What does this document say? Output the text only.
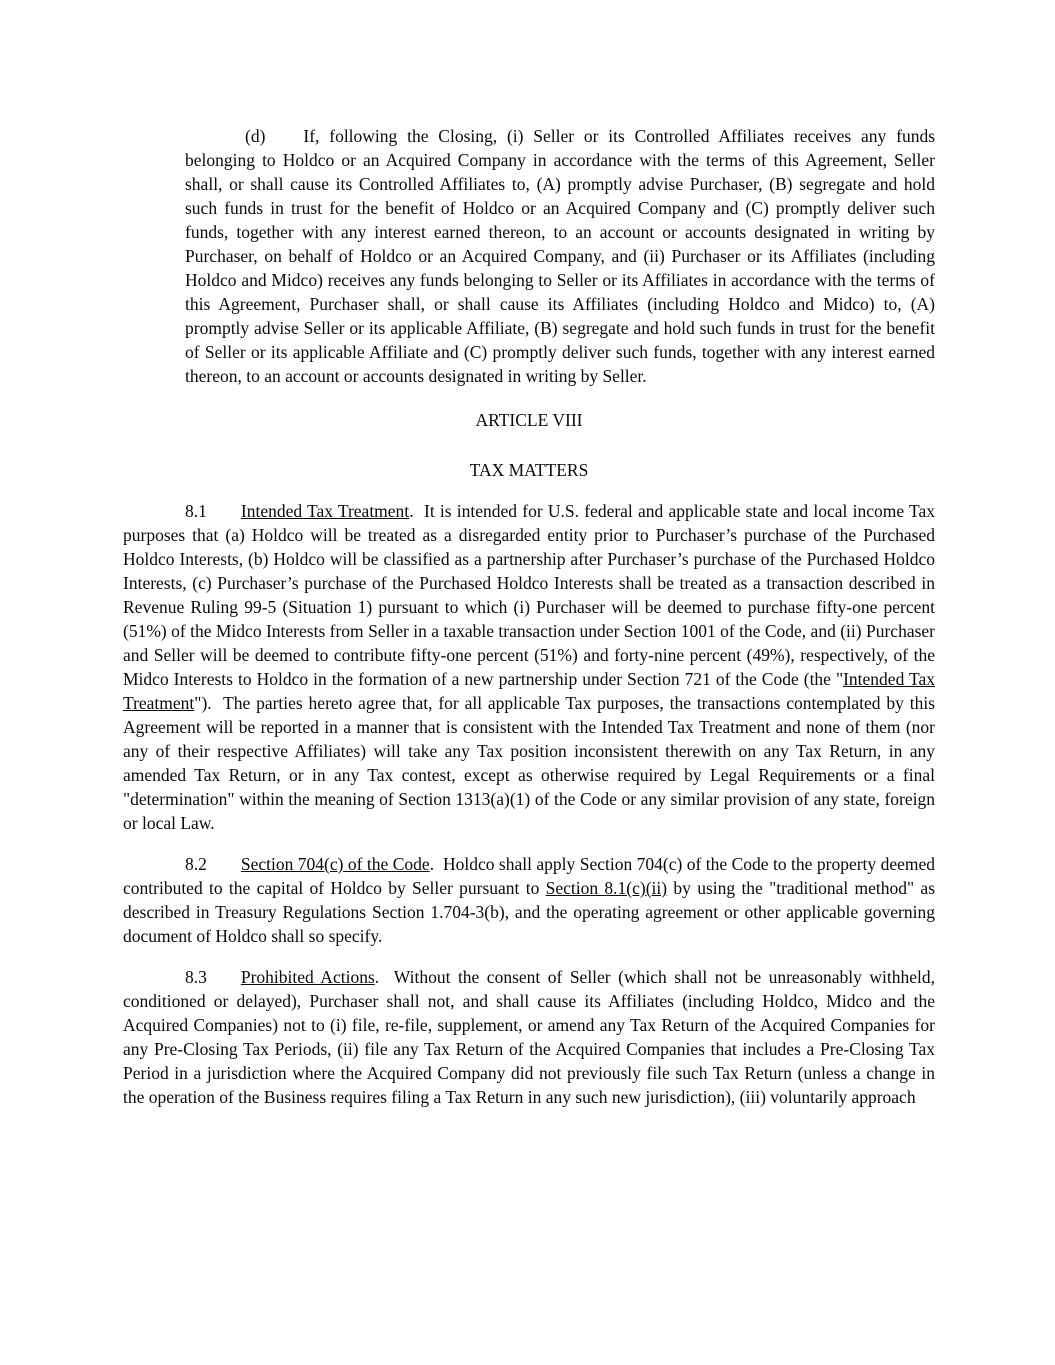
(d) If, following the Closing, (i) Seller or its Controlled Affiliates receives any funds belonging to Holdco or an Acquired Company in accordance with the terms of this Agreement, Seller shall, or shall cause its Controlled Affiliates to, (A) promptly advise Purchaser, (B) segregate and hold such funds in trust for the benefit of Holdco or an Acquired Company and (C) promptly deliver such funds, together with any interest earned thereon, to an account or accounts designated in writing by Purchaser, on behalf of Holdco or an Acquired Company, and (ii) Purchaser or its Affiliates (including Holdco and Midco) receives any funds belonging to Seller or its Affiliates in accordance with the terms of this Agreement, Purchaser shall, or shall cause its Affiliates (including Holdco and Midco) to, (A) promptly advise Seller or its applicable Affiliate, (B) segregate and hold such funds in trust for the benefit of Seller or its applicable Affiliate and (C) promptly deliver such funds, together with any interest earned thereon, to an account or accounts designated in writing by Seller.

ARTICLE VIII
TAX MATTERS

8.1 Intended Tax Treatment.  It is intended for U.S. federal and applicable state and local income Tax purposes that (a) Holdco will be treated as a disregarded entity prior to Purchaser’s purchase of the Purchased Holdco Interests, (b) Holdco will be classified as a partnership after Purchaser’s purchase of the Purchased Holdco Interests, (c) Purchaser’s purchase of the Purchased Holdco Interests shall be treated as a transaction described in Revenue Ruling 99-5 (Situation 1) pursuant to which (i) Purchaser will be deemed to purchase fifty-one percent (51%) of the Midco Interests from Seller in a taxable transaction under Section 1001 of the Code, and (ii) Purchaser and Seller will be deemed to contribute fifty-one percent (51%) and forty-nine percent (49%), respectively, of the Midco Interests to Holdco in the formation of a new partnership under Section 721 of the Code (the "Intended Tax Treatment").  The parties hereto agree that, for all applicable Tax purposes, the transactions contemplated by this Agreement will be reported in a manner that is consistent with the Intended Tax Treatment and none of them (nor any of their respective Affiliates) will take any Tax position inconsistent therewith on any Tax Return, in any amended Tax Return, or in any Tax contest, except as otherwise required by Legal Requirements or a final "determination" within the meaning of Section 1313(a)(1) of the Code or any similar provision of any state, foreign or local Law.

8.2 Section 704(c) of the Code.  Holdco shall apply Section 704(c) of the Code to the property deemed contributed to the capital of Holdco by Seller pursuant to Section 8.1(c)(ii) by using the "traditional method" as described in Treasury Regulations Section 1.704-3(b), and the operating agreement or other applicable governing document of Holdco shall so specify.

8.3 Prohibited Actions.  Without the consent of Seller (which shall not be unreasonably withheld, conditioned or delayed), Purchaser shall not, and shall cause its Affiliates (including Holdco, Midco and the Acquired Companies) not to (i) file, re-file, supplement, or amend any Tax Return of the Acquired Companies for any Pre-Closing Tax Periods, (ii) file any Tax Return of the Acquired Companies that includes a Pre-Closing Tax Period in a jurisdiction where the Acquired Company did not previously file such Tax Return (unless a change in the operation of the Business requires filing a Tax Return in any such new jurisdiction), (iii) voluntarily approach
